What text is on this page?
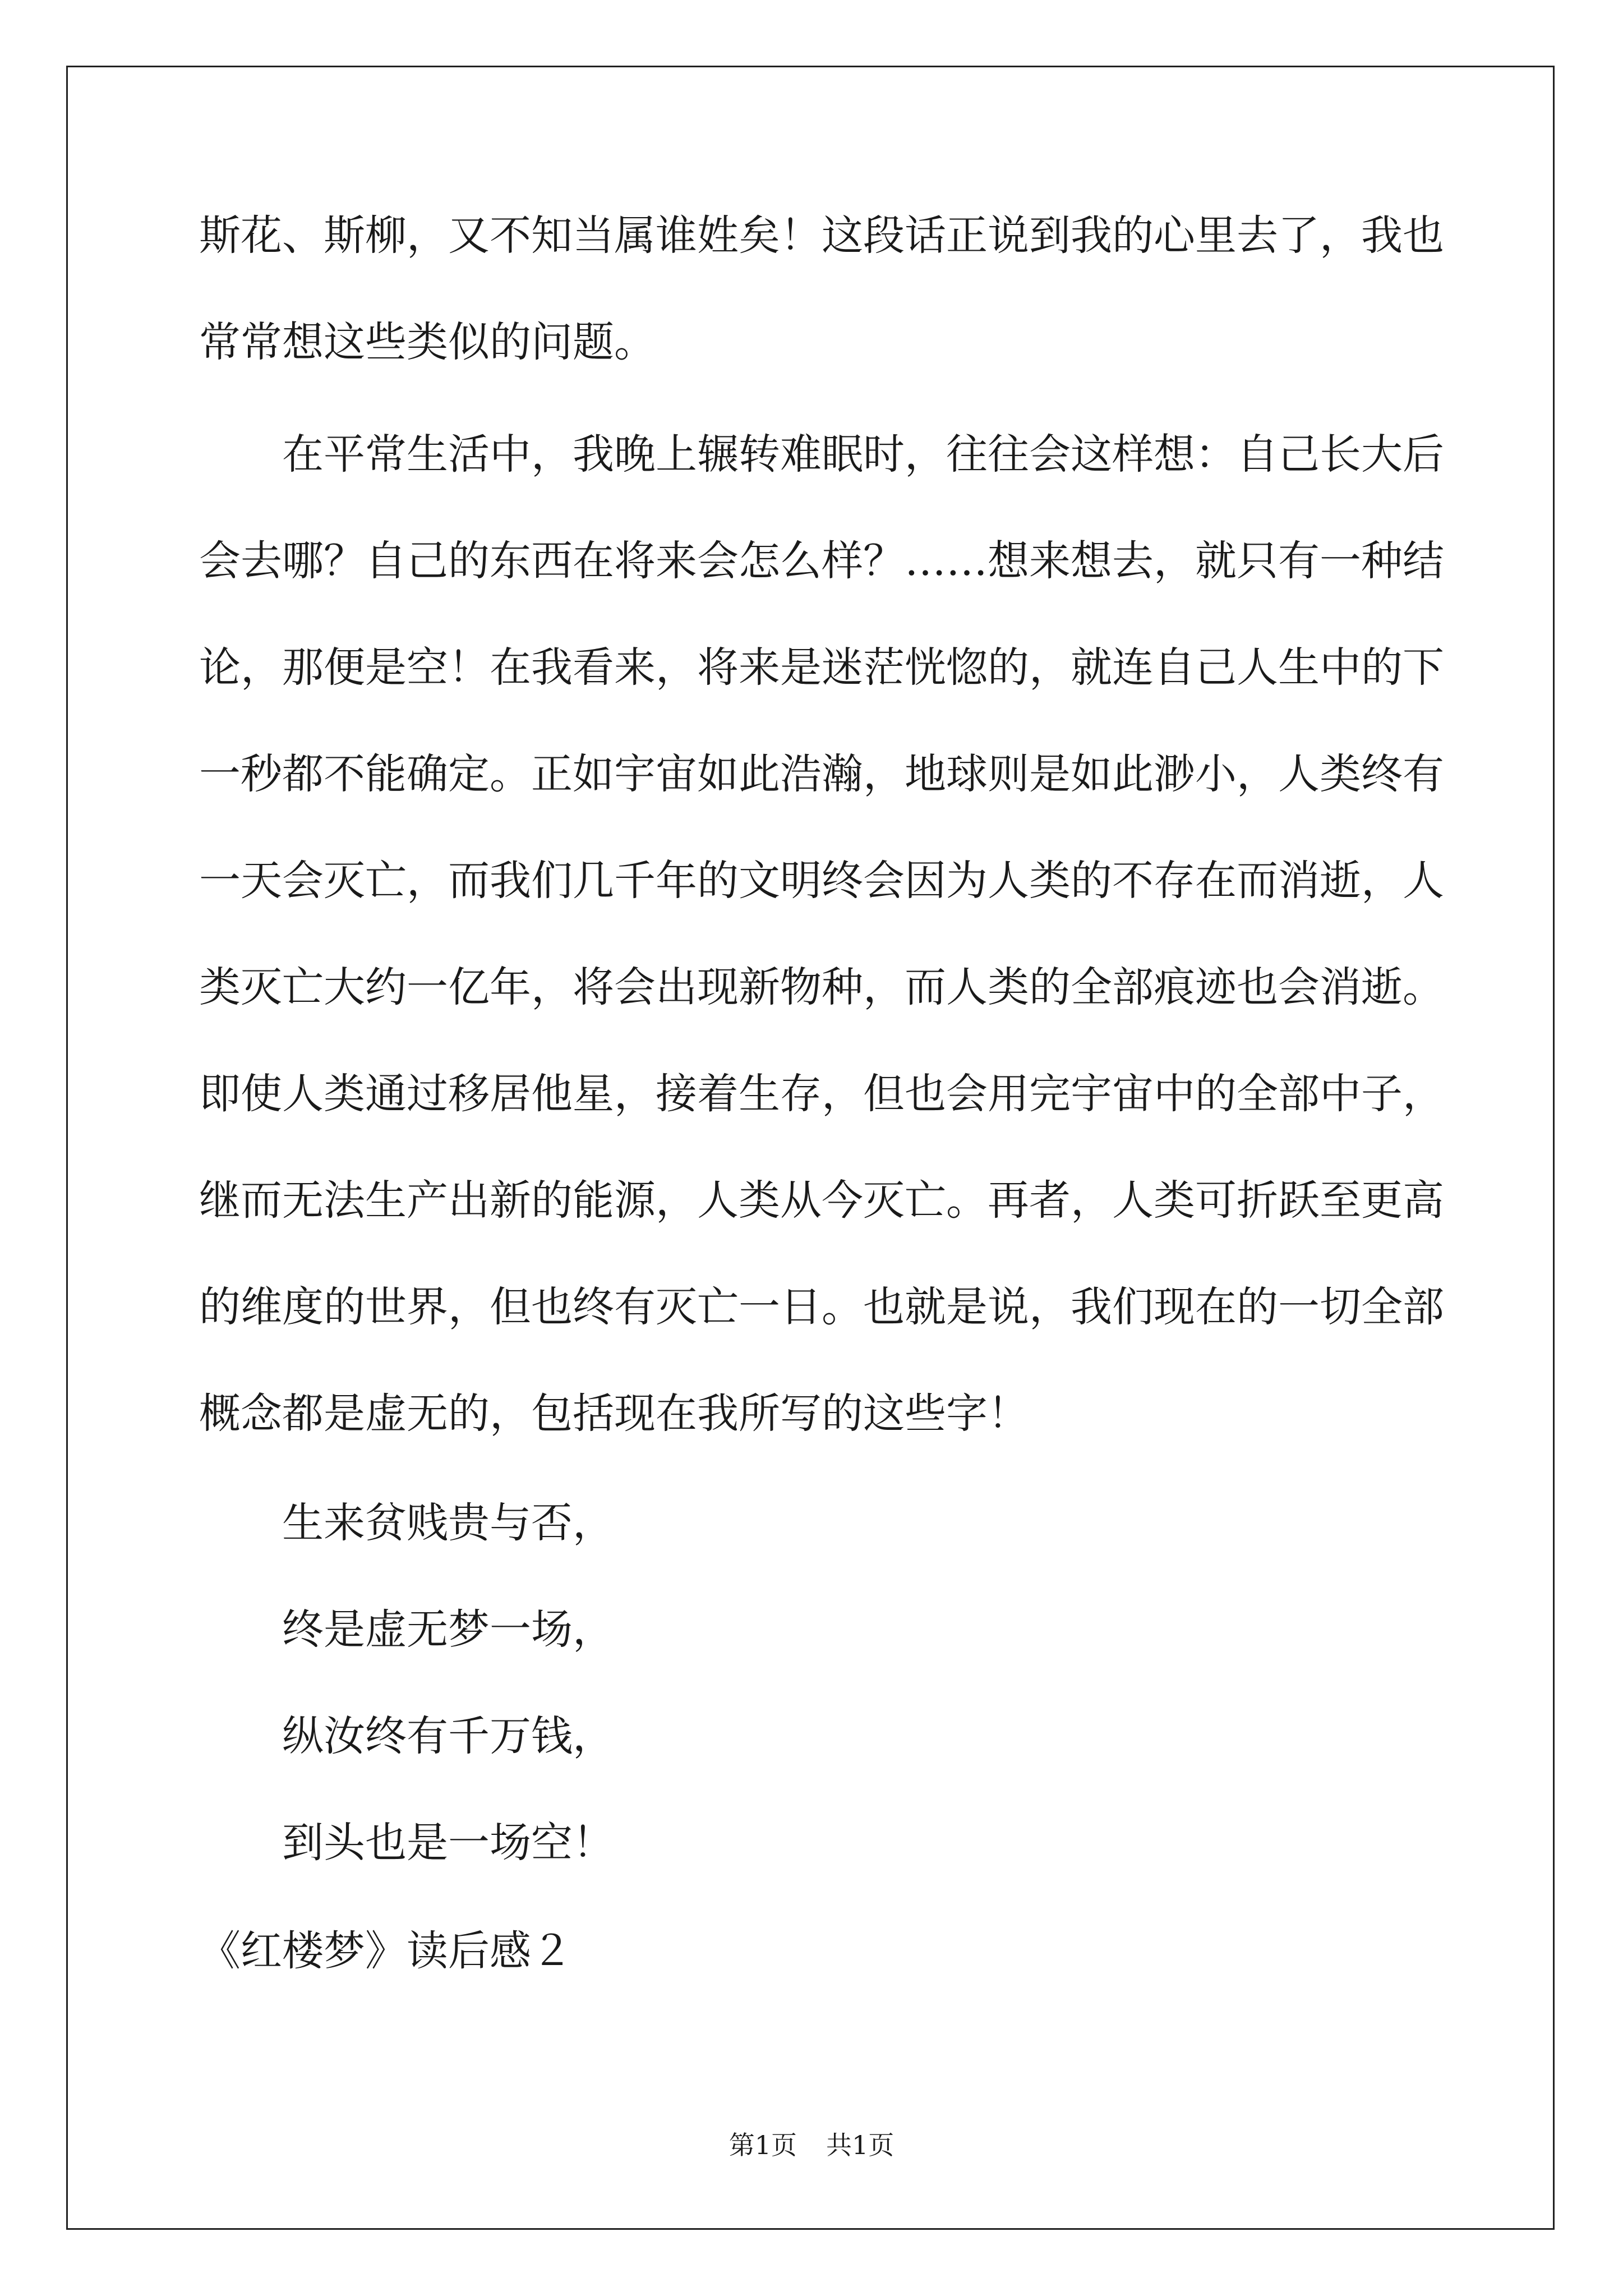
斯花、斯柳，又不知当属谁姓矣！这段话正说到我的心里去了，我也
常常想这些类似的问题。
在平常生活中，我晚上辗转难眠时，往往会这样想：自己长大后
会去哪？自己的东西在将来会怎么样？……想来想去，就只有一种结
论，那便是空！在我看来，将来是迷茫恍惚的，就连自己人生中的下
一秒都不能确定。正如宇宙如此浩瀚，地球则是如此渺小，人类终有
一天会灭亡，而我们几千年的文明终会因为人类的不存在而消逝，人
类灭亡大约一亿年，将会出现新物种，而人类的全部痕迹也会消逝。
即使人类通过移居他星，接着生存，但也会用完宇宙中的全部中子，
继而无法生产出新的能源，人类从今灭亡。再者，人类可折跃至更高
的维度的世界，但也终有灭亡一日。也就是说，我们现在的一切全部
概念都是虚无的，包括现在我所写的这些字！
生来贫贱贵与否，
终是虚无梦一场，
纵汝终有千万钱，
到头也是一场空！
《红楼梦》读后感２
第1页 共1页
